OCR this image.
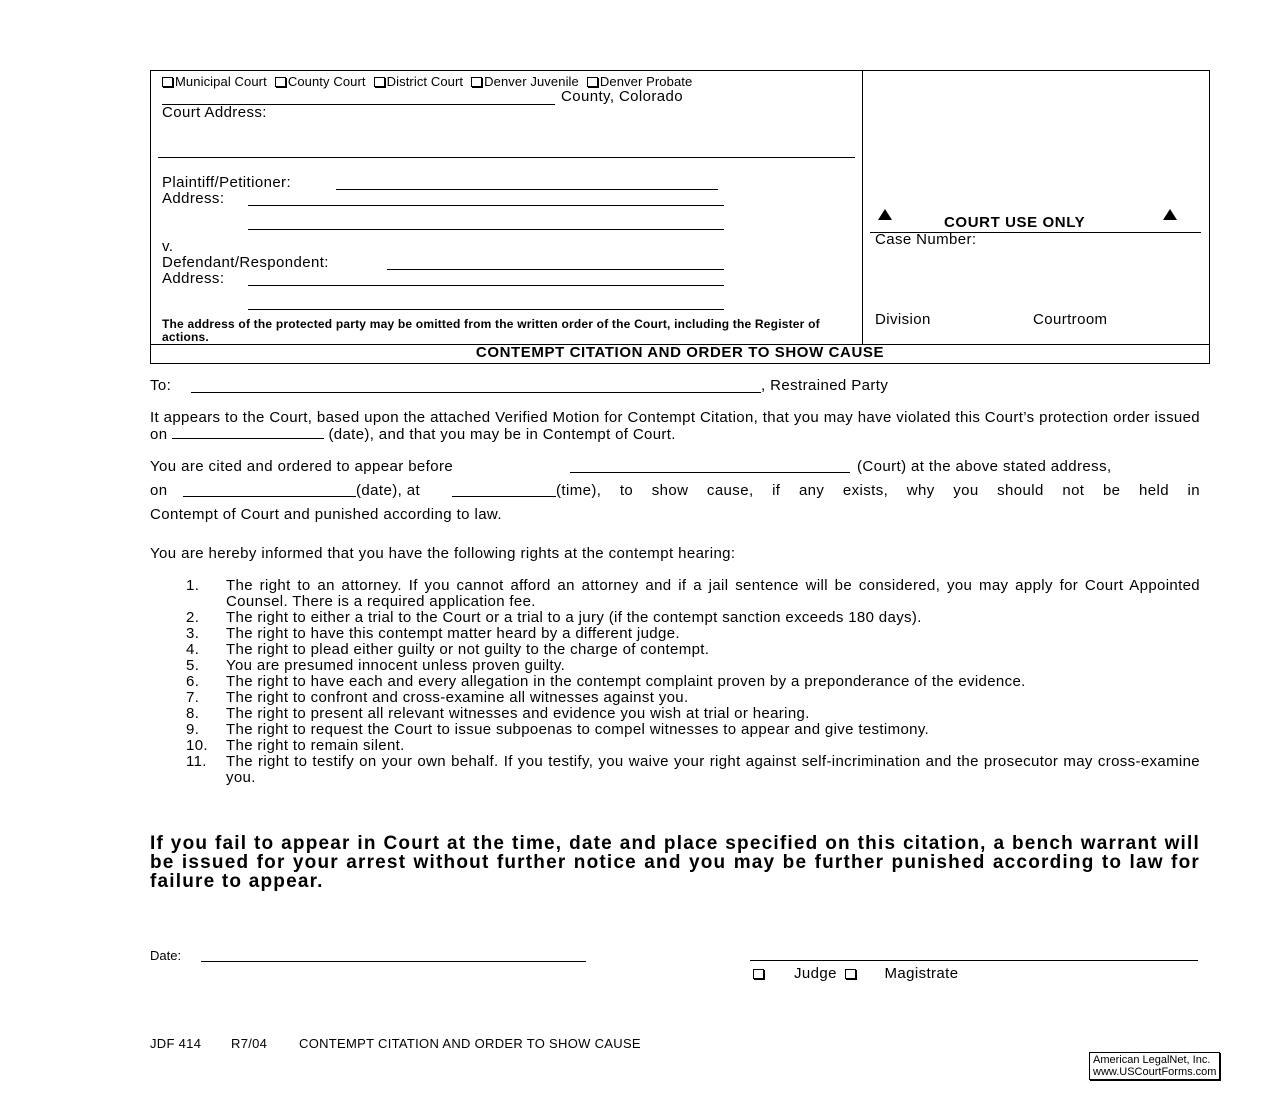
Municipal Court County Court District Court Denver Juvenile Denver Probate
County, Colorado
Court Address:
Plaintiff/Petitioner:
Address:
v.
Defendant/Respondent:
Address:
The address of the protected party may be omitted from the written order of the Court, including the Register of actions.
COURT USE ONLY
Case Number:
Division	Courtroom
CONTEMPT CITATION AND ORDER TO SHOW CAUSE
To:	, Restrained Party
It appears to the Court, based upon the attached Verified Motion for Contempt Citation, that you may have violated this Court’s protection order issued on	(date), and that you may be in Contempt of Court.
You are cited and ordered to appear before	(Court) at the above stated address,
on	(date), at	(time), to show cause, if any exists, why you should not be held in
Contempt of Court and punished according to law.
You are hereby informed that you have the following rights at the contempt hearing:
1.	The right to an attorney. If you cannot afford an attorney and if a jail sentence will be considered, you may apply for Court Appointed Counsel. There is a required application fee.
2.	The right to either a trial to the Court or a trial to a jury (if the contempt sanction exceeds 180 days).
3.	The right to have this contempt matter heard by a different judge.
4.	The right to plead either guilty or not guilty to the charge of contempt.
5.	You are presumed innocent unless proven guilty.
6.	The right to have each and every allegation in the contempt complaint proven by a preponderance of the evidence.
7.	The right to confront and cross-examine all witnesses against you.
8.	The right to present all relevant witnesses and evidence you wish at trial or hearing.
9.	The right to request the Court to issue subpoenas to compel witnesses to appear and give testimony.
10.	The right to remain silent.
11.	The right to testify on your own behalf. If you testify, you waive your right against self-incrimination and the prosecutor may cross-examine you.
If you fail to appear in Court at the time, date and place specified on this citation, a bench warrant will be issued for your arrest without further notice and you may be further punished according to law for failure to appear.
Date:
Judge	Magistrate
JDF 414 R7/04 CONTEMPT CITATION AND ORDER TO SHOW CAUSE
American LegalNet, Inc.
www.USCourtForms.com
